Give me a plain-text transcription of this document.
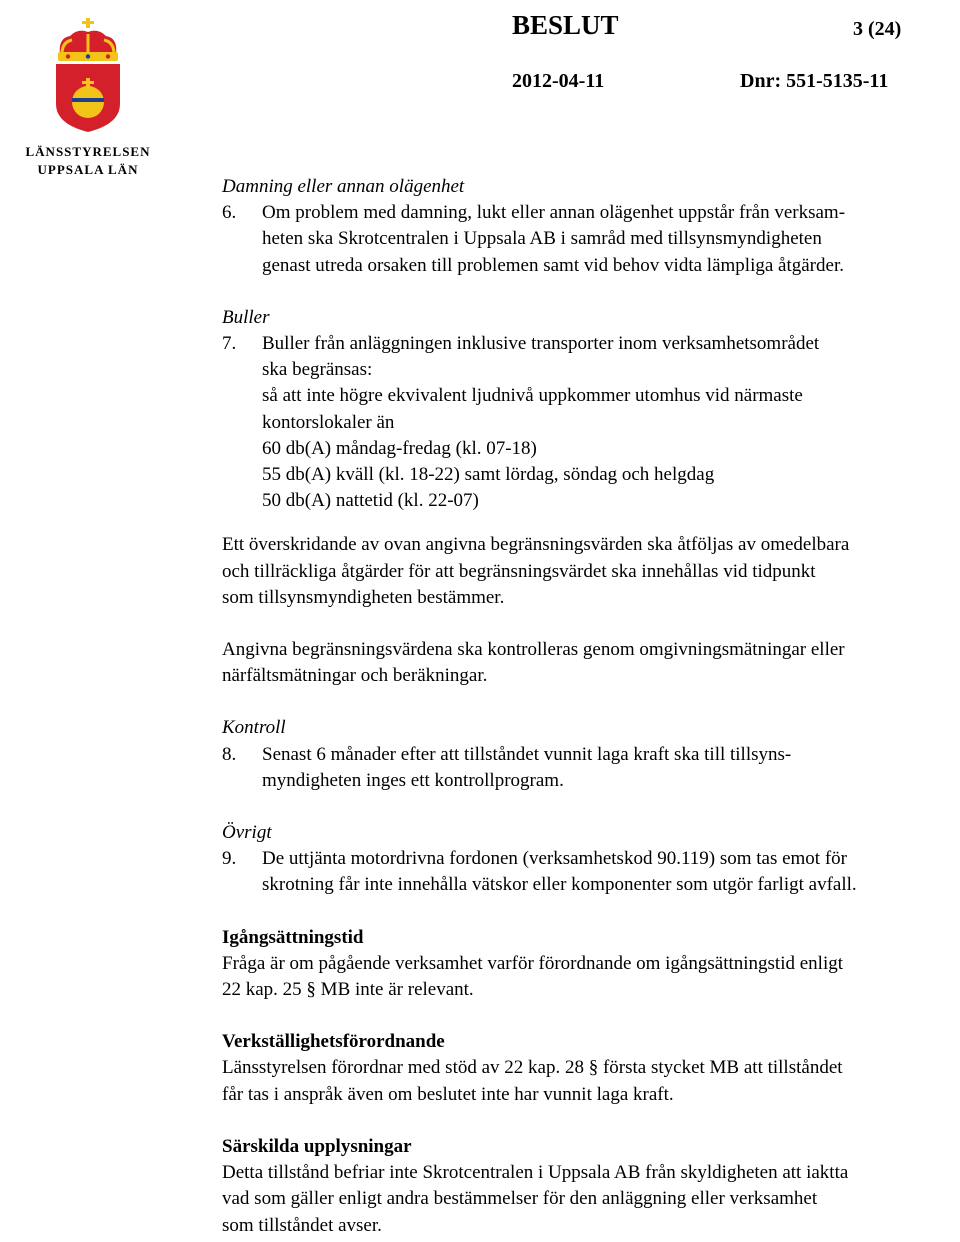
LÄNSSTYRELSEN
UPPSALA LÄN
BESLUT	3 (24)
2012-04-11	Dnr: 551-5135-11

Damning eller annan olägenhet

6.	Om problem med damning, lukt eller annan olägenhet uppstår från verksam-
heten ska Skrotcentralen i Uppsala AB i samråd med tillsynsmyndigheten
genast utreda orsaken till problemen samt vid behov vidta lämpliga åtgärder.

Buller

7.	Buller från anläggningen inklusive transporter inom verksamhetsområdet
ska begränsas:
så att inte högre ekvivalent ljudnivå uppkommer utomhus vid närmaste
kontorslokaler än
60 db(A) måndag-fredag (kl. 07-18)
55 db(A) kväll (kl. 18-22) samt lördag, söndag och helgdag
50 db(A) nattetid (kl. 22-07)

Ett överskridande av ovan angivna begränsningsvärden ska åtföljas av omedelbara
och tillräckliga åtgärder för att begränsningsvärdet ska innehållas vid tidpunkt
som tillsynsmyndigheten bestämmer.

Angivna begränsningsvärdena ska kontrolleras genom omgivningsmätningar eller
närfältsmätningar och beräkningar.

Kontroll

8.	Senast 6 månader efter att tillståndet vunnit laga kraft ska till tillsyns-
myndigheten inges ett kontrollprogram.

Övrigt

9.	De uttjänta motordrivna fordonen (verksamhetskod 90.119) som tas emot för
skrotning får inte innehålla vätskor eller komponenter som utgör farligt avfall.

Igångsättningstid

Fråga är om pågående verksamhet varför förordnande om igångsättningstid enligt
22 kap. 25 § MB inte är relevant.

Verkställighetsförordnande

Länsstyrelsen förordnar med stöd av 22 kap. 28 § första stycket MB att tillståndet
får tas i anspråk även om beslutet inte har vunnit laga kraft.

Särskilda upplysningar

Detta tillstånd befriar inte Skrotcentralen i Uppsala AB från skyldigheten att iakttа
vad som gäller enligt andra bestämmelser för den anläggning eller verksamhet
som tillståndet avser.
